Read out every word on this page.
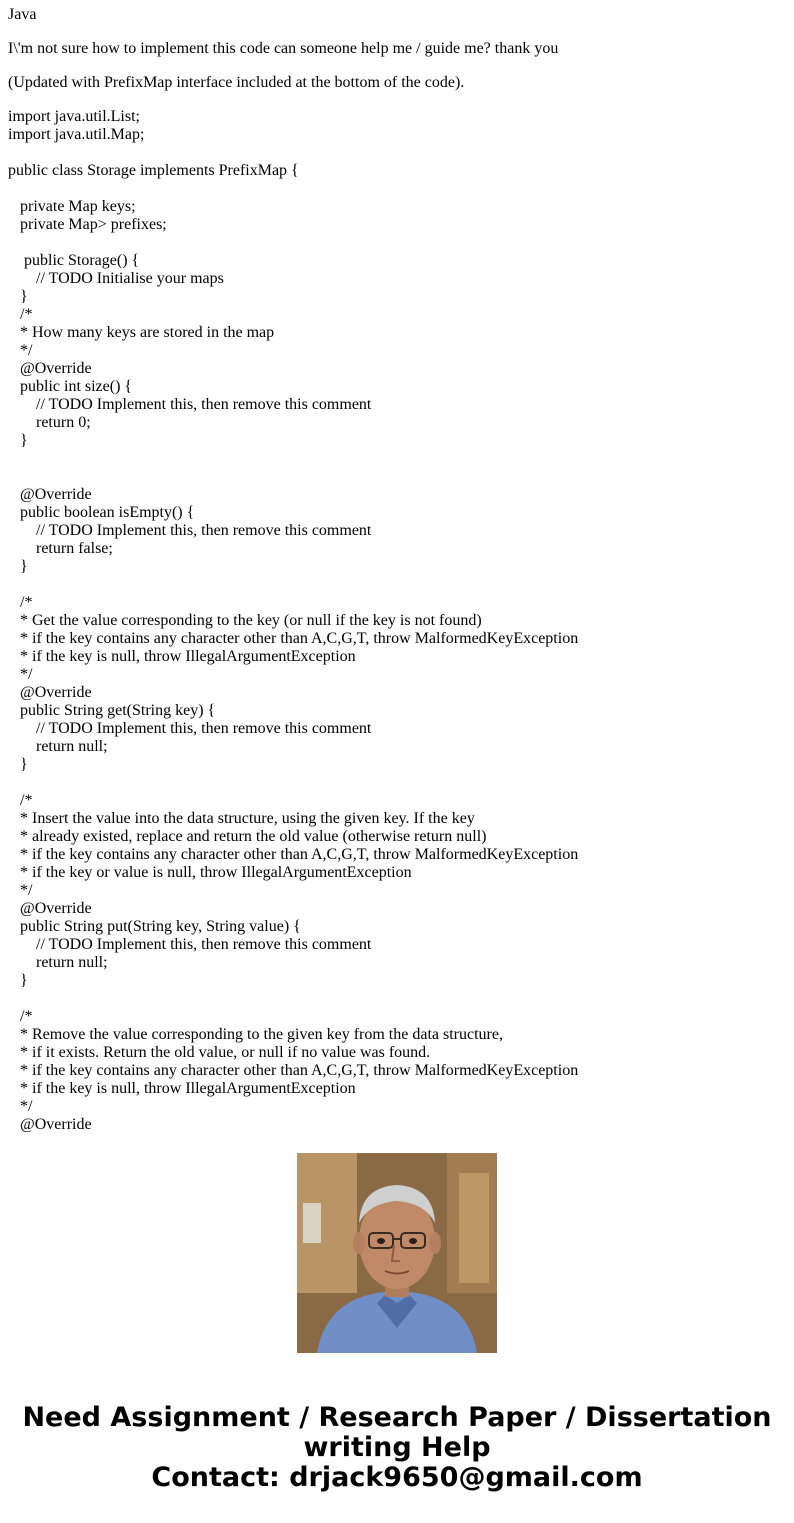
Java

I\'m not sure how to implement this code can someone help me / guide me? thank you

(Updated with PrefixMap interface included at the bottom of the code).

import java.util.List;
import java.util.Map;
public class Storage implements PrefixMap {
private Map keys;
private Map> prefixes;
public Storage() {
// TODO Initialise your maps
}
/*
* How many keys are stored in the map
*/
@Override
public int size() {
// TODO Implement this, then remove this comment
return 0;
}
@Override
public boolean isEmpty() {
// TODO Implement this, then remove this comment
return false;
}
/*
* Get the value corresponding to the key (or null if the key is not found)
* if the key contains any character other than A,C,G,T, throw MalformedKeyException
* if the key is null, throw IllegalArgumentException
*/
@Override
public String get(String key) {
// TODO Implement this, then remove this comment
return null;
}
/*
* Insert the value into the data structure, using the given key. If the key
* already existed, replace and return the old value (otherwise return null)
* if the key contains any character other than A,C,G,T, throw MalformedKeyException
* if the key or value is null, throw IllegalArgumentException
*/
@Override
public String put(String key, String value) {
// TODO Implement this, then remove this comment
return null;
}
/*
* Remove the value corresponding to the given key from the data structure,
* if it exists. Return the old value, or null if no value was found.
* if the key contains any character other than A,C,G,T, throw MalformedKeyException
* if the key is null, throw IllegalArgumentException
*/
@Override
Need Assignment / Research Paper / Dissertation
writing Help
Contact: drjack9650@gmail.com
